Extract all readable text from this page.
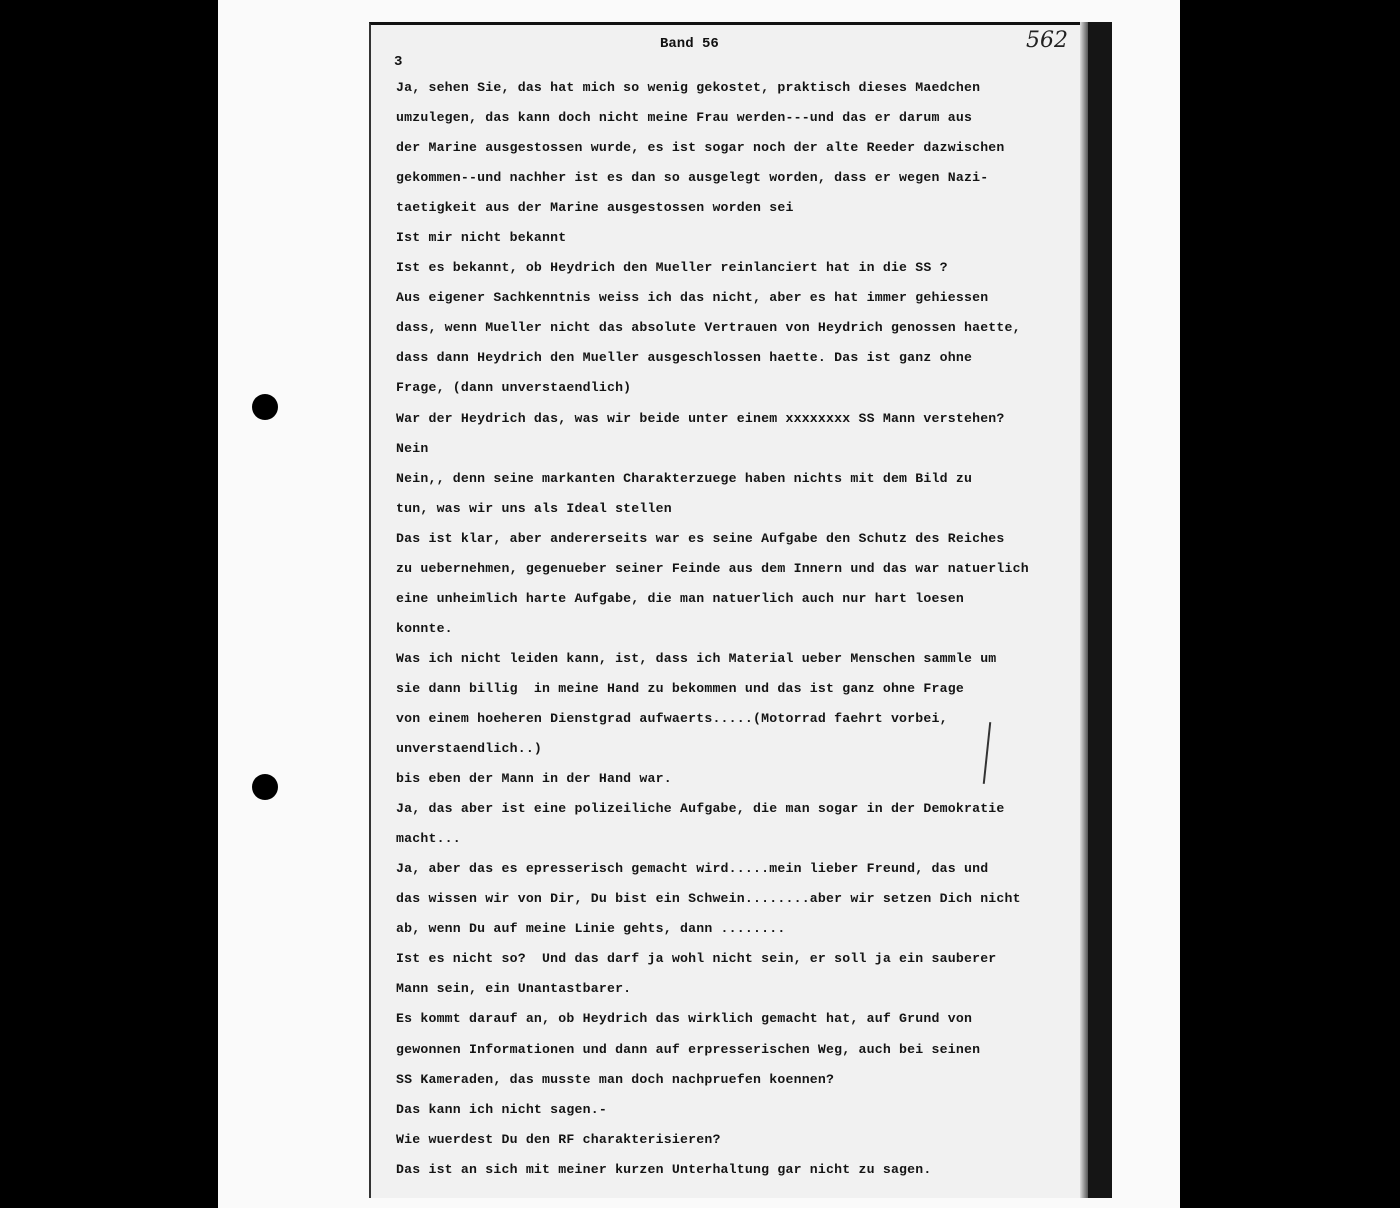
Band 56
3
562
Ja, sehen Sie, das hat mich so wenig gekostet, praktisch dieses Maedchen
umzulegen, das kann doch nicht meine Frau werden---und das er darum aus
der Marine ausgestossen wurde, es ist sogar noch der alte Reeder dazwischen
gekommen--und nachher ist es dan so ausgelegt worden, dass er wegen Nazi-
taetigkeit aus der Marine ausgestossen worden sei
Ist mir nicht bekannt
Ist es bekannt, ob Heydrich den Mueller reinlanciert hat in die SS ?
Aus eigener Sachkenntnis weiss ich das nicht, aber es hat immer gehiessen
dass, wenn Mueller nicht das absolute Vertrauen von Heydrich genossen haette,
dass dann Heydrich den Mueller ausgeschlossen haette. Das ist ganz ohne
Frage, (dann unverstaendlich)
War der Heydrich das, was wir beide unter einem xxxxxxxx SS Mann verstehen?
Nein
Nein,, denn seine markanten Charakterzuege haben nichts mit dem Bild zu
tun, was wir uns als Ideal stellen
Das ist klar, aber andererseits war es seine Aufgabe den Schutz des Reiches
zu uebernehmen, gegenueber seiner Feinde aus dem Innern und das war natuerlich
eine unheimlich harte Aufgabe, die man natuerlich auch nur hart loesen
konnte.
Was ich nicht leiden kann, ist, dass ich Material ueber Menschen sammle um
sie dann billig  in meine Hand zu bekommen und das ist ganz ohne Frage
von einem hoeheren Dienstgrad aufwaerts.....(Motorrad faehrt vorbei,
unverstaendlich..)
bis eben der Mann in der Hand war.
Ja, das aber ist eine polizeiliche Aufgabe, die man sogar in der Demokratie
macht...
Ja, aber das es epresserisch gemacht wird.....mein lieber Freund, das und
das wissen wir von Dir, Du bist ein Schwein........aber wir setzen Dich nicht
ab, wenn Du auf meine Linie gehts, dann ........
Ist es nicht so?  Und das darf ja wohl nicht sein, er soll ja ein sauberer
Mann sein, ein Unantastbarer.
Es kommt darauf an, ob Heydrich das wirklich gemacht hat, auf Grund von
gewonnen Informationen und dann auf erpresserischen Weg, auch bei seinen
SS Kameraden, das musste man doch nachpruefen koennen?
Das kann ich nicht sagen.-
Wie wuerdest Du den RF charakterisieren?
Das ist an sich mit meiner kurzen Unterhaltung gar nicht zu sagen.
